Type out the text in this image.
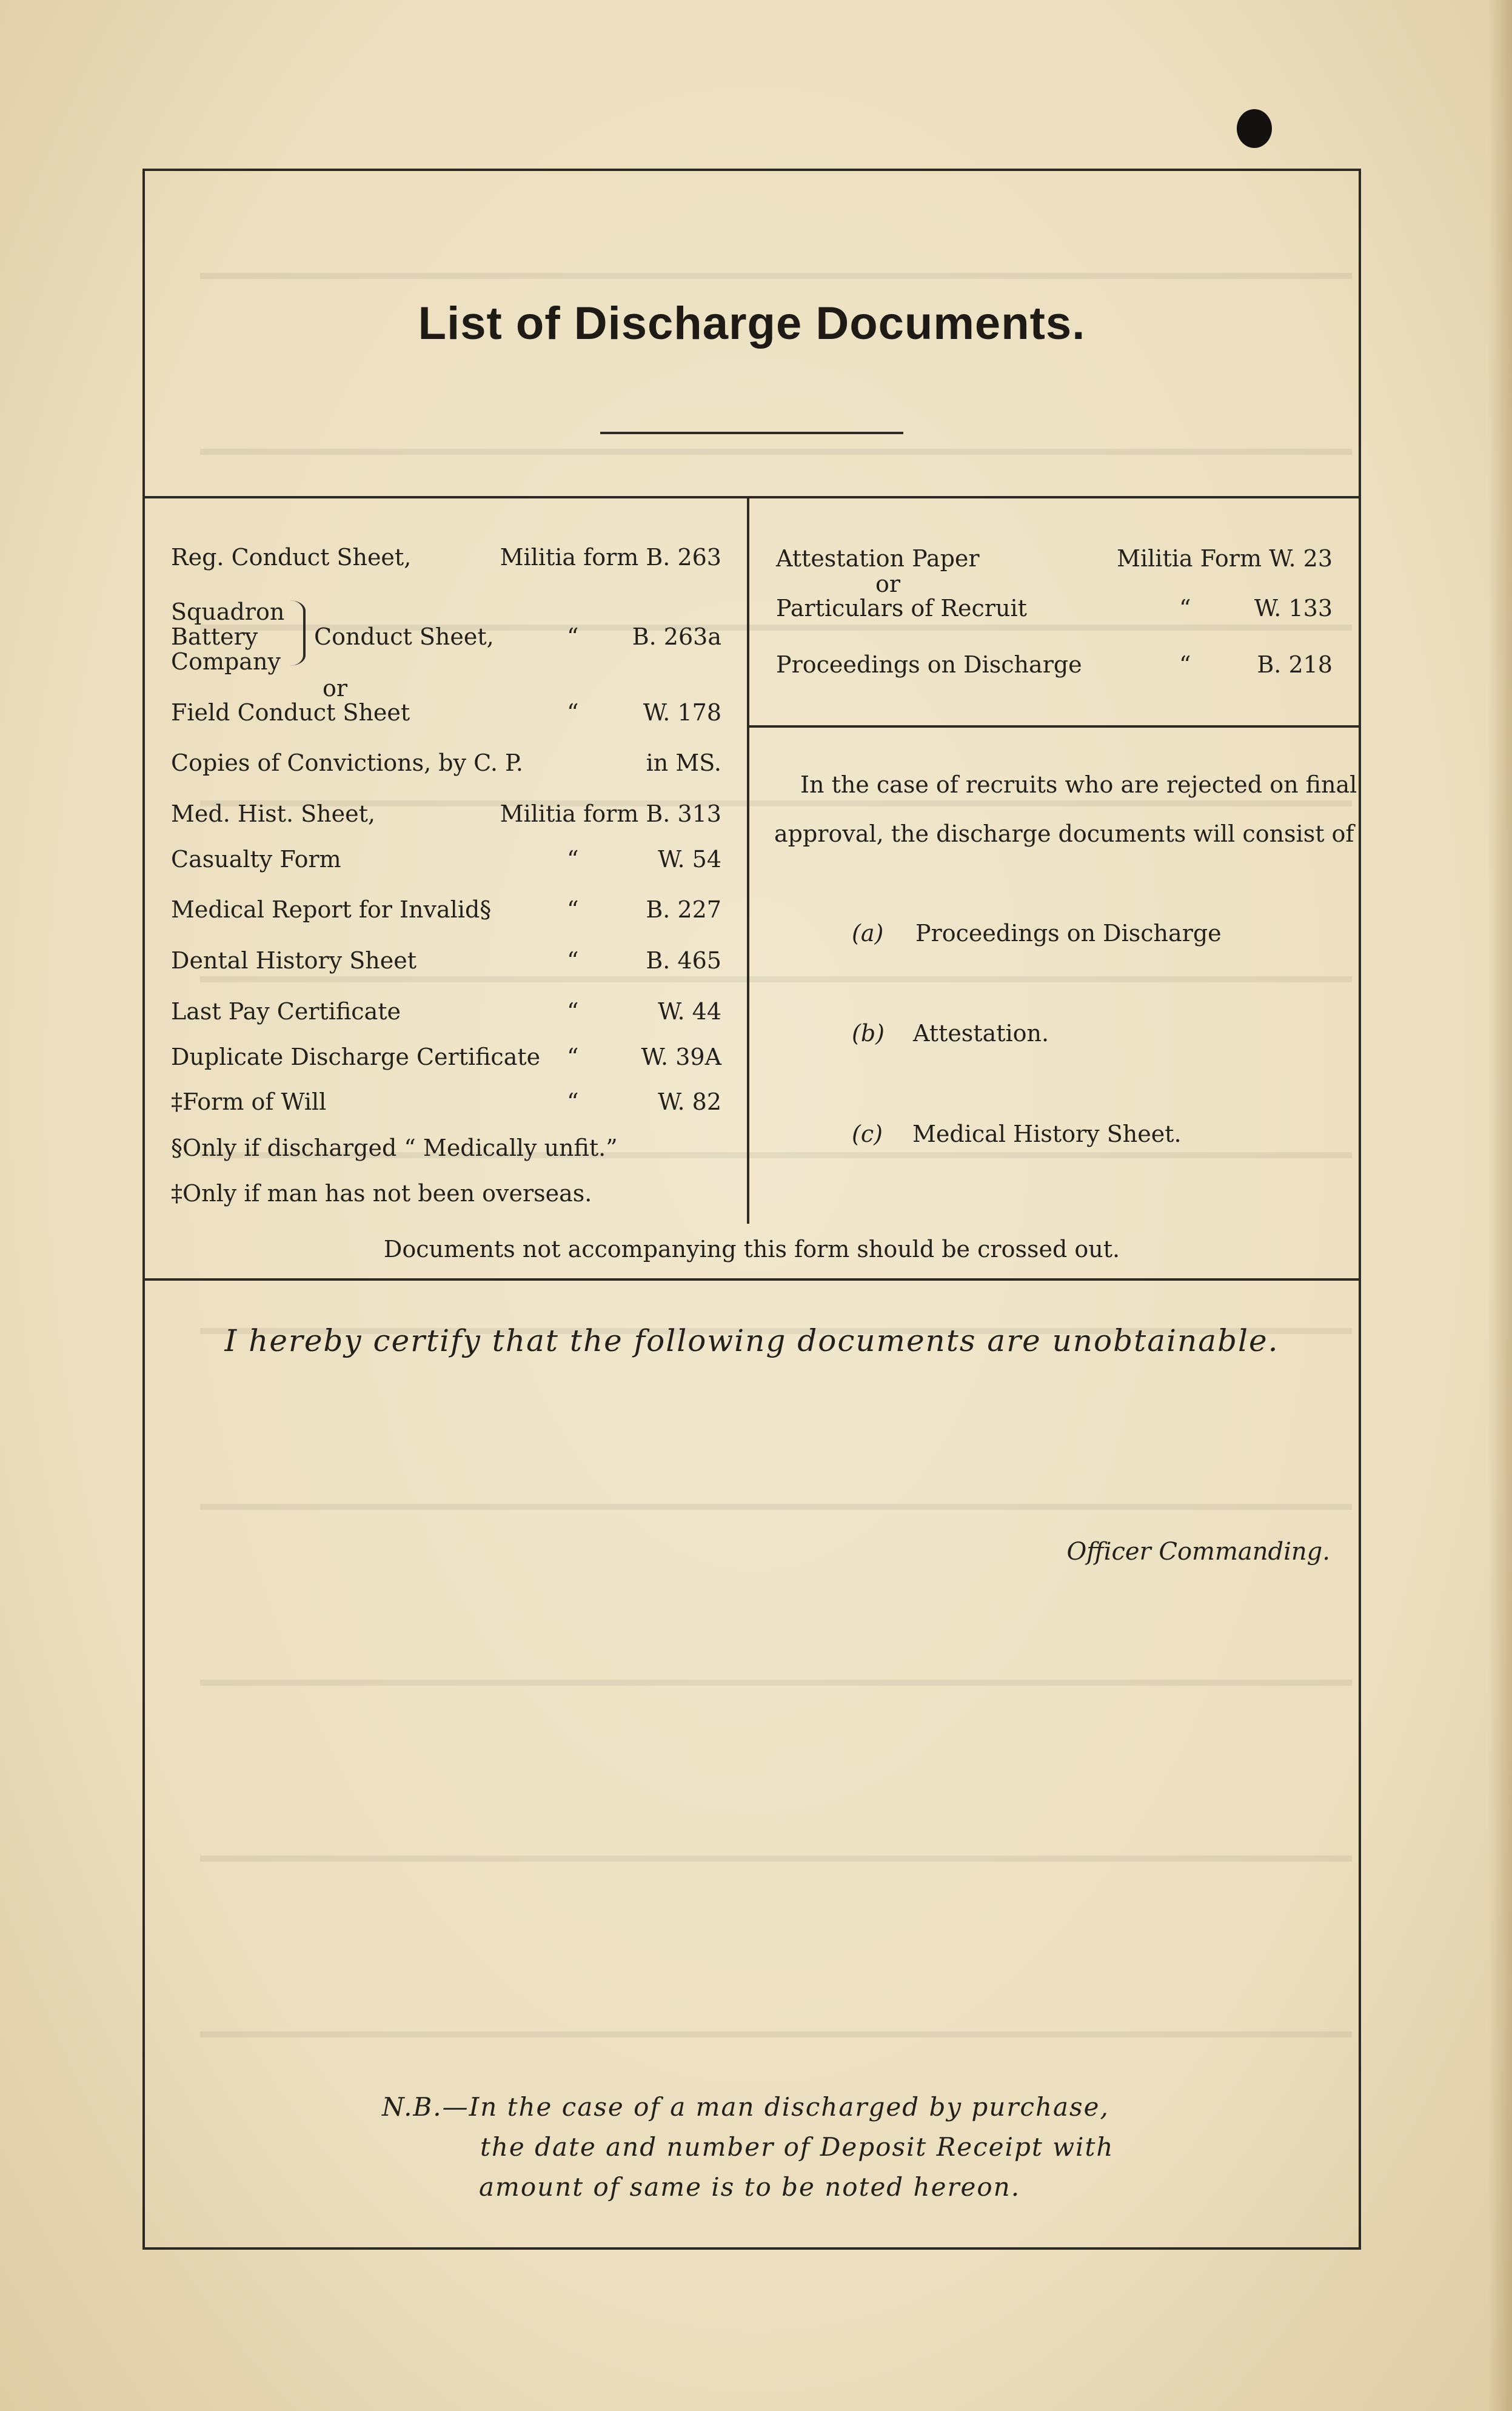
List of Discharge Documents.
Reg. Conduct Sheet,	Militia form B. 263
Squadron
Battery
Company
Conduct Sheet,	“	B. 263a
or
Field Conduct Sheet	“	W. 178
Copies of Convictions, by C. P.	in MS.
Med. Hist. Sheet,	Militia form B. 313
Casualty Form	“	W. 54
Medical Report for Invalid§	“	B. 227
Dental History Sheet	“	B. 465
Last Pay Certificate	“	W. 44
Duplicate Discharge Certificate “	W. 39A
‡Form of Will	“	W. 82
§Only if discharged “ Medically unfit.”
‡Only if man has not been overseas.
Attestation Paper	Militia Form W. 23
or
Particulars of Recruit	“	W. 133
Proceedings on Discharge	“	B. 218
In the case of recruits who are rejected on final
approval, the discharge documents will consist of
(a) Proceedings on Discharge
(b) Attestation.
(c) Medical History Sheet.
Documents not accompanying this form should be crossed out.
I hereby certify that the following documents are unobtainable.
Officer Commanding.
N.B.—In the case of a man discharged by purchase,
the date and number of Deposit Receipt with
amount of same is to be noted hereon.
